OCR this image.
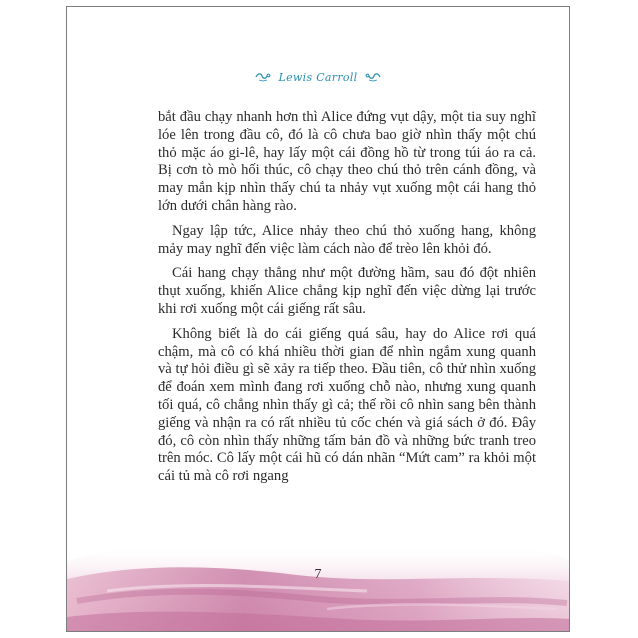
Lewis Carroll

bắt đầu chạy nhanh hơn thì Alice đứng vụt dậy, một tia suy nghĩ lóe lên trong đầu cô, đó là cô chưa bao giờ nhìn thấy một chú thỏ mặc áo gi-lê, hay lấy một cái đồng hồ từ trong túi áo ra cả. Bị cơn tò mò hối thúc, cô chạy theo chú thỏ trên cánh đồng, và may mắn kịp nhìn thấy chú ta nhảy vụt xuống một cái hang thỏ lớn dưới chân hàng rào.

Ngay lập tức, Alice nhảy theo chú thỏ xuống hang, không mảy may nghĩ đến việc làm cách nào để trèo lên khỏi đó.

Cái hang chạy thẳng như một đường hầm, sau đó đột nhiên thụt xuống, khiến Alice chẳng kịp nghĩ đến việc dừng lại trước khi rơi xuống một cái giếng rất sâu.

Không biết là do cái giếng quá sâu, hay do Alice rơi quá chậm, mà cô có khá nhiều thời gian để nhìn ngắm xung quanh và tự hỏi điều gì sẽ xảy ra tiếp theo. Đầu tiên, cô thử nhìn xuống để đoán xem mình đang rơi xuống chỗ nào, nhưng xung quanh tối quá, cô chẳng nhìn thấy gì cả; thế rồi cô nhìn sang bên thành giếng và nhận ra có rất nhiều tủ cốc chén và giá sách ở đó. Đây đó, cô còn nhìn thấy những tấm bản đồ và những bức tranh treo trên móc. Cô lấy một cái hũ có dán nhãn “Mứt cam” ra khỏi một cái tủ mà cô rơi ngang

7
